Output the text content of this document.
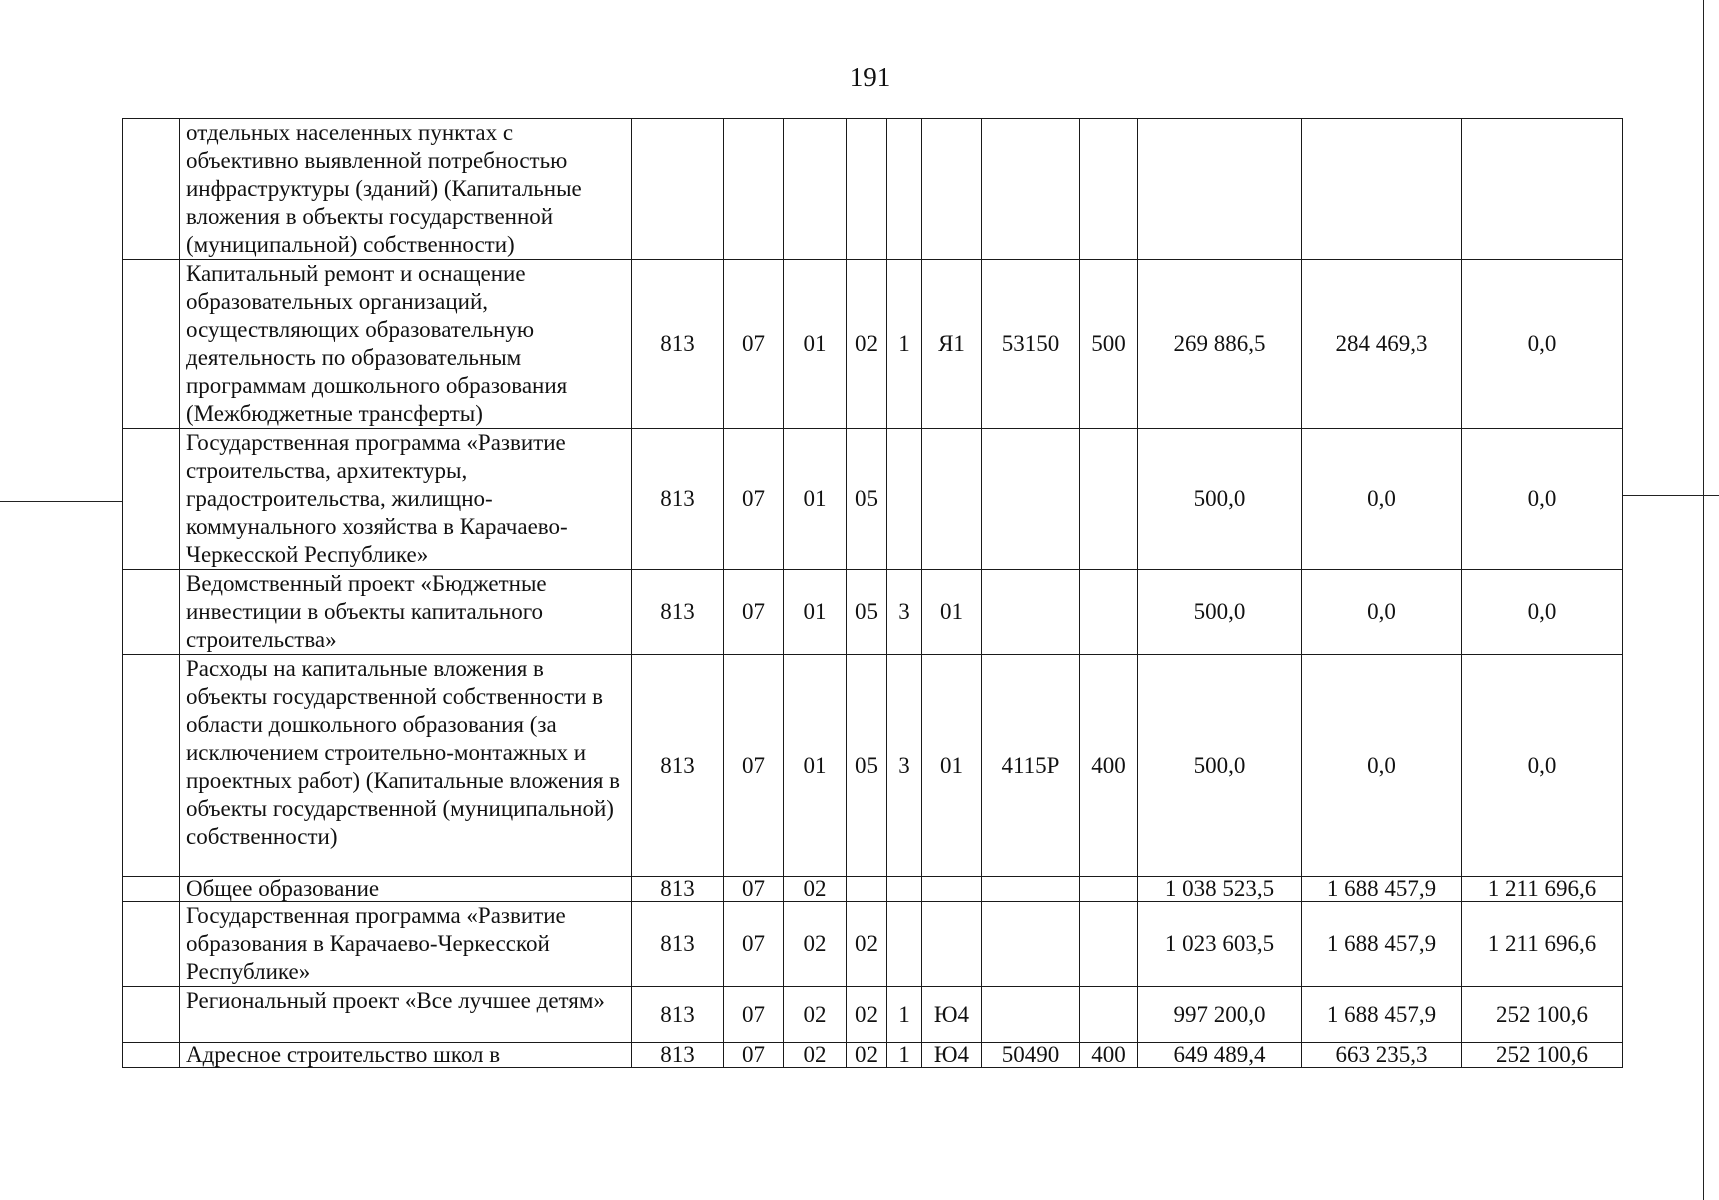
191
	отдельных населенных пунктах с объективно выявленной потребностью инфраструктуры (зданий) (Капитальные вложения в объекты государственной (муниципальной) собственности)											
	Капитальный ремонт и оснащение образовательных организаций, осуществляющих образовательную деятельность по образовательным программам дошкольного образования (Межбюджетные трансферты)	813	07	01	02	1	Я1	53150	500	269 886,5	284 469,3	0,0
	Государственная программа «Развитие строительства, архитектуры, градостроительства, жилищно-коммунального хозяйства в Карачаево-Черкесской Республике»	813	07	01	05					500,0	0,0	0,0
	Ведомственный проект «Бюджетные инвестиции в объекты капитального строительства»	813	07	01	05	3	01			500,0	0,0	0,0
	Расходы на капитальные вложения в объекты государственной собственности в области дошкольного образования (за исключением строительно-монтажных и проектных работ) (Капитальные вложения в объекты государственной (муниципальной) собственности)	813	07	01	05	3	01	4115Р	400	500,0	0,0	0,0
	Общее образование	813	07	02						1 038 523,5	1 688 457,9	1 211 696,6
	Государственная программа «Развитие образования в Карачаево-Черкесской Республике»	813	07	02	02					1 023 603,5	1 688 457,9	1 211 696,6
	Региональный проект «Все лучшее детям»	813	07	02	02	1	Ю4			997 200,0	1 688 457,9	252 100,6
	Адресное строительство школ в	813	07	02	02	1	Ю4	50490	400	649 489,4	663 235,3	252 100,6
